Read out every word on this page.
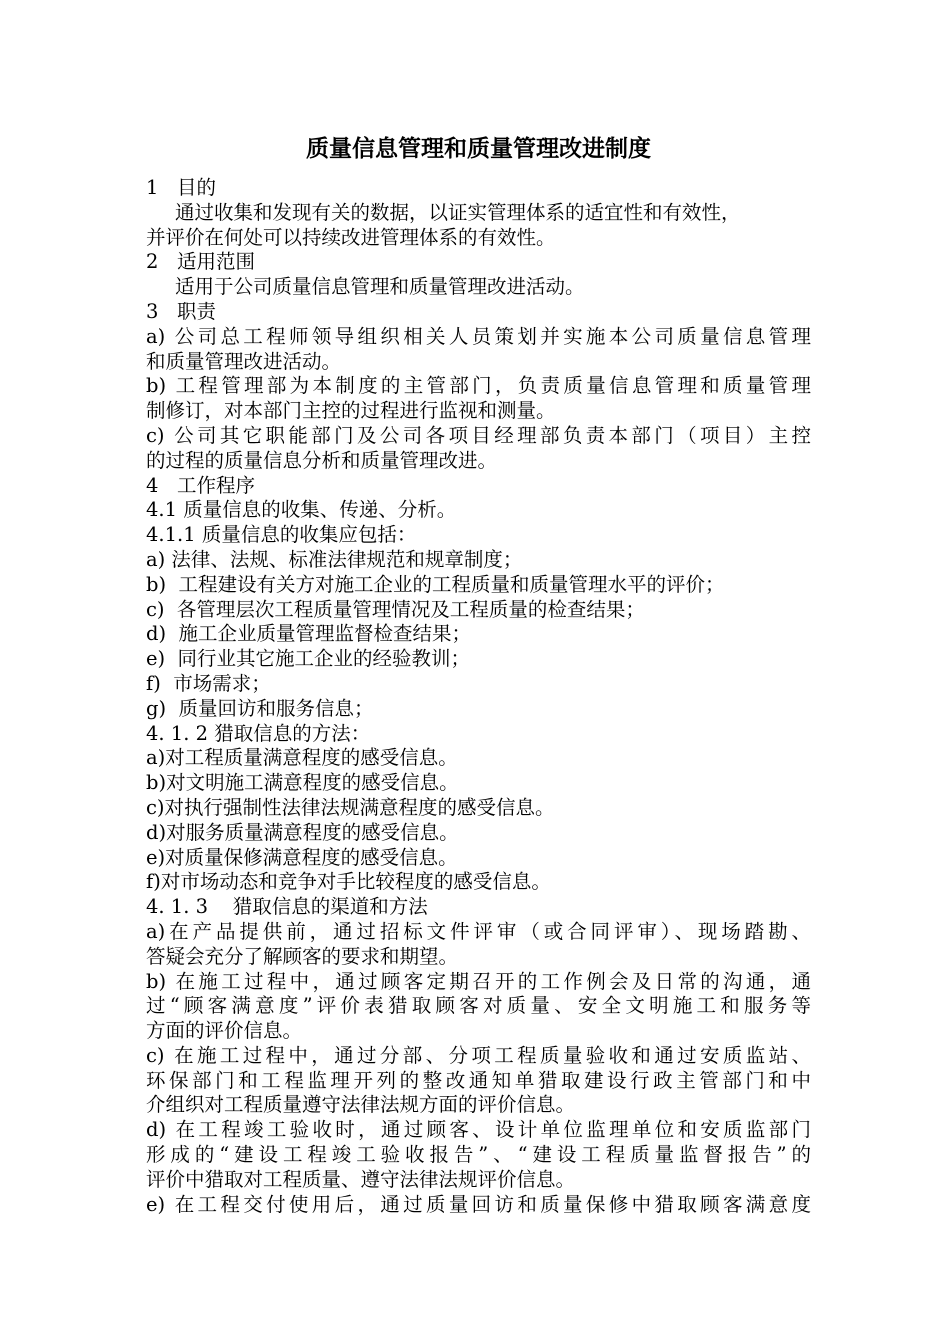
质量信息管理和质量管理改进制度
1   目的
通过收集和发现有关的数据，以证实管理体系的适宜性和有效性，
并评价在何处可以持续改进管理体系的有效性。
2   适用范围
适用于公司质量信息管理和质量管理改进活动。
3   职责
a) 公司总工程师领导组织相关人员策划并实施本公司质量信息管理
和质量管理改进活动。
b) 工程管理部为本制度的主管部门，负责质量信息管理和质量管理
制修订，对本部门主控的过程进行监视和测量。
c) 公司其它职能部门及公司各项目经理部负责本部门（项目）主控
的过程的质量信息分析和质量管理改进。
4   工作程序
4.1 质量信息的收集、传递、分析。
4.1.1 质量信息的收集应包括：
a) 法律、法规、标准法律规范和规章制度；
b)  工程建设有关方对施工企业的工程质量和质量管理水平的评价；
c)  各管理层次工程质量管理情况及工程质量的检查结果；
d)  施工企业质量管理监督检查结果；
e)  同行业其它施工企业的经验教训；
f)  市场需求；
g)  质量回访和服务信息；
4. 1. 2 猎取信息的方法：
a)对工程质量满意程度的感受信息。
b)对文明施工满意程度的感受信息。
c)对执行强制性法律法规满意程度的感受信息。
d)对服务质量满意程度的感受信息。
e)对质量保修满意程度的感受信息。
f)对市场动态和竞争对手比较程度的感受信息。
4. 1. 3    猎取信息的渠道和方法
a)在产品提供前，通过招标文件评审（或合同评审）、现场踏勘、
答疑会充分了解顾客的要求和期望。
b) 在施工过程中，通过顾客定期召开的工作例会及日常的沟通，通
过“顾客满意度”评价表猎取顾客对质量、安全文明施工和服务等
方面的评价信息。
c) 在施工过程中，通过分部、分项工程质量验收和通过安质监站、
环保部门和工程监理开列的整改通知单猎取建设行政主管部门和中
介组织对工程质量遵守法律法规方面的评价信息。
d) 在工程竣工验收时，通过顾客、设计单位监理单位和安质监部门
形成的“建设工程竣工验收报告”、“建设工程质量监督报告”的
评价中猎取对工程质量、遵守法律法规评价信息。
e) 在工程交付使用后，通过质量回访和质量保修中猎取顾客满意度
